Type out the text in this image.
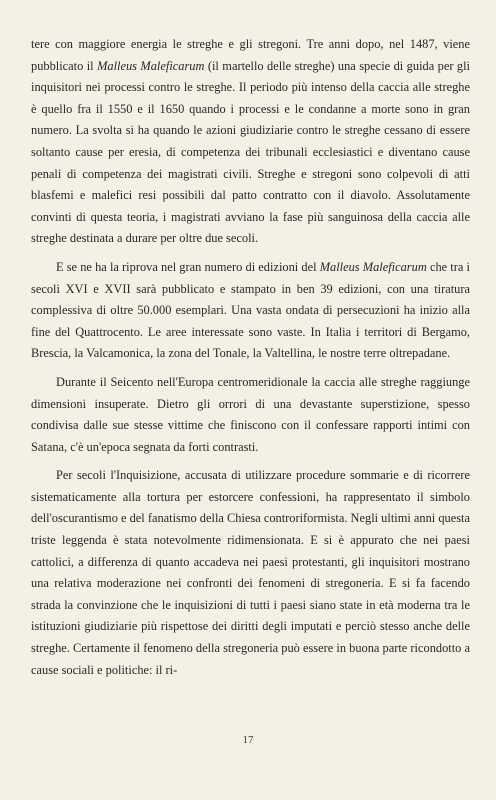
tere con maggiore energia le streghe e gli stregoni. Tre anni dopo, nel 1487, viene pubblicato il Malleus Maleficarum (il martello delle streghe) una specie di guida per gli inquisitori nei processi contro le streghe. Il periodo più intenso della caccia alle streghe è quello fra il 1550 e il 1650 quando i processi e le condanne a morte sono in gran numero. La svolta si ha quando le azioni giudiziarie contro le streghe cessano di essere soltanto cause per eresia, di competenza dei tribunali ecclesiastici e diventano cause penali di competenza dei magistrati civili. Streghe e stregoni sono colpevoli di atti blasfemi e malefici resi possibili dal patto contratto con il diavolo. Assolutamente convinti di questa teoria, i magistrati avviano la fase più sanguinosa della caccia alle streghe destinata a durare per oltre due secoli.

E se ne ha la riprova nel gran numero di edizioni del Malleus Maleficarum che tra i secoli XVI e XVII sarà pubblicato e stampato in ben 39 edizioni, con una tiratura complessiva di oltre 50.000 esemplari. Una vasta ondata di persecuzioni ha inizio alla fine del Quattrocento. Le aree interessate sono vaste. In Italia i territori di Bergamo, Brescia, la Valcamonica, la zona del Tonale, la Valtellina, le nostre terre oltrepadane.

Durante il Seicento nell'Europa centromeridionale la caccia alle streghe raggiunge dimensioni insuperate. Dietro gli orrori di una devastante superstizione, spesso condivisa dalle sue stesse vittime che finiscono con il confessare rapporti intimi con Satana, c'è un'epoca segnata da forti contrasti.

Per secoli l'Inquisizione, accusata di utilizzare procedure sommarie e di ricorrere sistematicamente alla tortura per estorcere confessioni, ha rappresentato il simbolo dell'oscurantismo e del fanatismo della Chiesa controriformista. Negli ultimi anni questa triste leggenda è stata notevolmente ridimensionata. E si è appurato che nei paesi cattolici, a differenza di quanto accadeva nei paesi protestanti, gli inquisitori mostrano una relativa moderazione nei confronti dei fenomeni di stregoneria. E si fa facendo strada la convinzione che le inquisizioni di tutti i paesi siano state in età moderna tra le istituzioni giudiziarie più rispettose dei diritti degli imputati e perciò stesso anche delle streghe. Certamente il fenomeno della stregoneria può essere in buona parte ricondotto a cause sociali e politiche: il ri-

17
